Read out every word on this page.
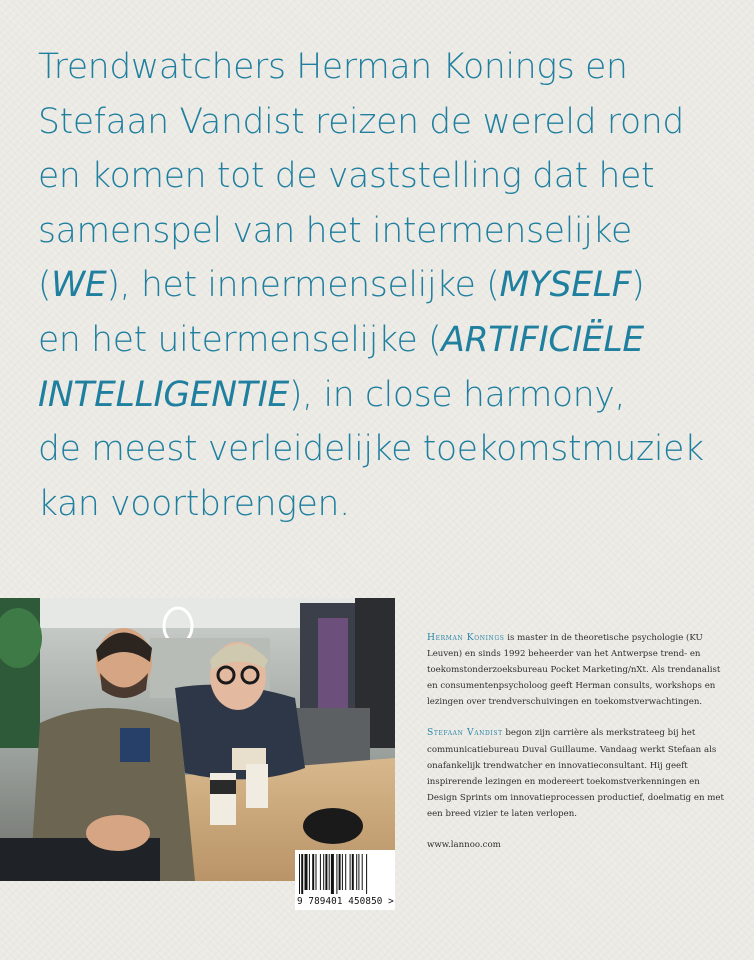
Trendwatchers Herman Konings en
Stefaan Vandist reizen de wereld rond
en komen tot de vaststelling dat het
samenspel van het intermenselijke
(WE), het innermenselijke (MYSELF)
en het uitermenselijke (ARTIFICIËLE
INTELLIGENTIE), in close harmony,
de meest verleidelijke toekomstmuziek
kan voortbrengen.

Herman Konings is master in de theoretische psychologie (KU Leuven) en sinds 1992 beheerder van het Antwerpse trend- en toekomstonderzoeksbureau Pocket Marketing/nXt. Als trendanalist en consumentenpsycholoog geeft Herman consults, workshops en lezingen over trendverschuivingen en toekomstverwachtingen.

Stefaan Vandist begon zijn carrière als merkstrateeg bij het communicatiebureau Duval Guillaume. Vandaag werkt Stefaan als onafankelijk trendwatcher en innovatieconsultant. Hij geeft inspirerende lezingen en modereert toekomstverkenningen en Design Sprints om innovatieprocessen productief, doelmatig en met een breed vizier te laten verlopen.

www.lannoo.com
9 789401 450850 >
